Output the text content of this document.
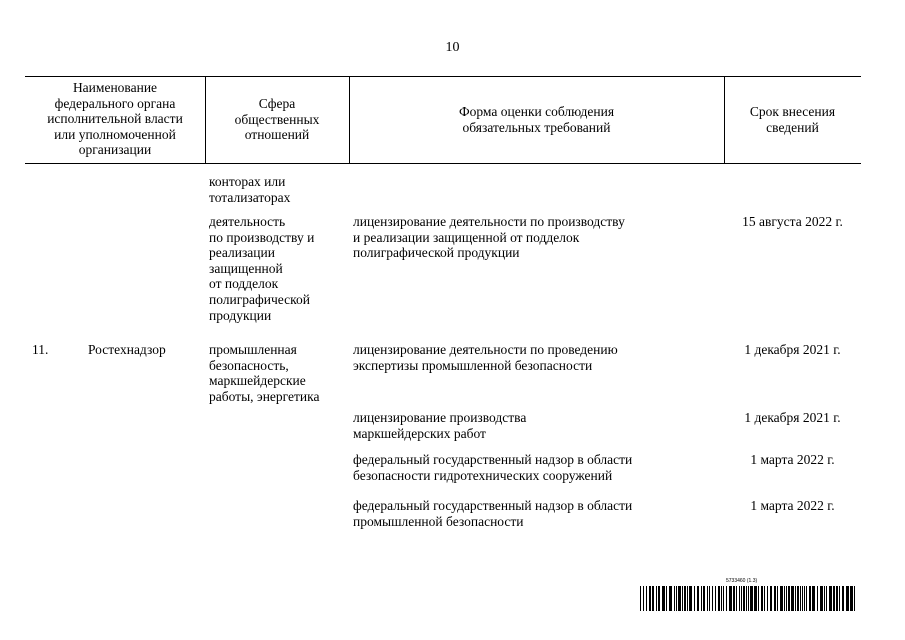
10
Наименование
федерального органа
исполнительной власти
или уполномоченной
организации
Сфера
общественных
отношений
Форма оценки соблюдения
обязательных требований
Срок внесения
сведений
11.	Ростехнадзор
конторах или
тотализаторах
деятельность
по производству и
реализации
защищенной
от подделок
полиграфической
продукции
лицензирование деятельности по производству
и реализации защищенной от подделок
полиграфической продукции
15 августа 2022 г.
промышленная
безопасность,
маркшейдерские
работы, энергетика
лицензирование деятельности по проведению
экспертизы промышленной безопасности
1 декабря 2021 г.
лицензирование производства
маркшейдерских работ
1 декабря 2021 г.
федеральный государственный надзор в области
безопасности гидротехнических сооружений
1 марта 2022 г.
федеральный государственный надзор в области
промышленной безопасности
1 марта 2022 г.
5733460 (1.3)
